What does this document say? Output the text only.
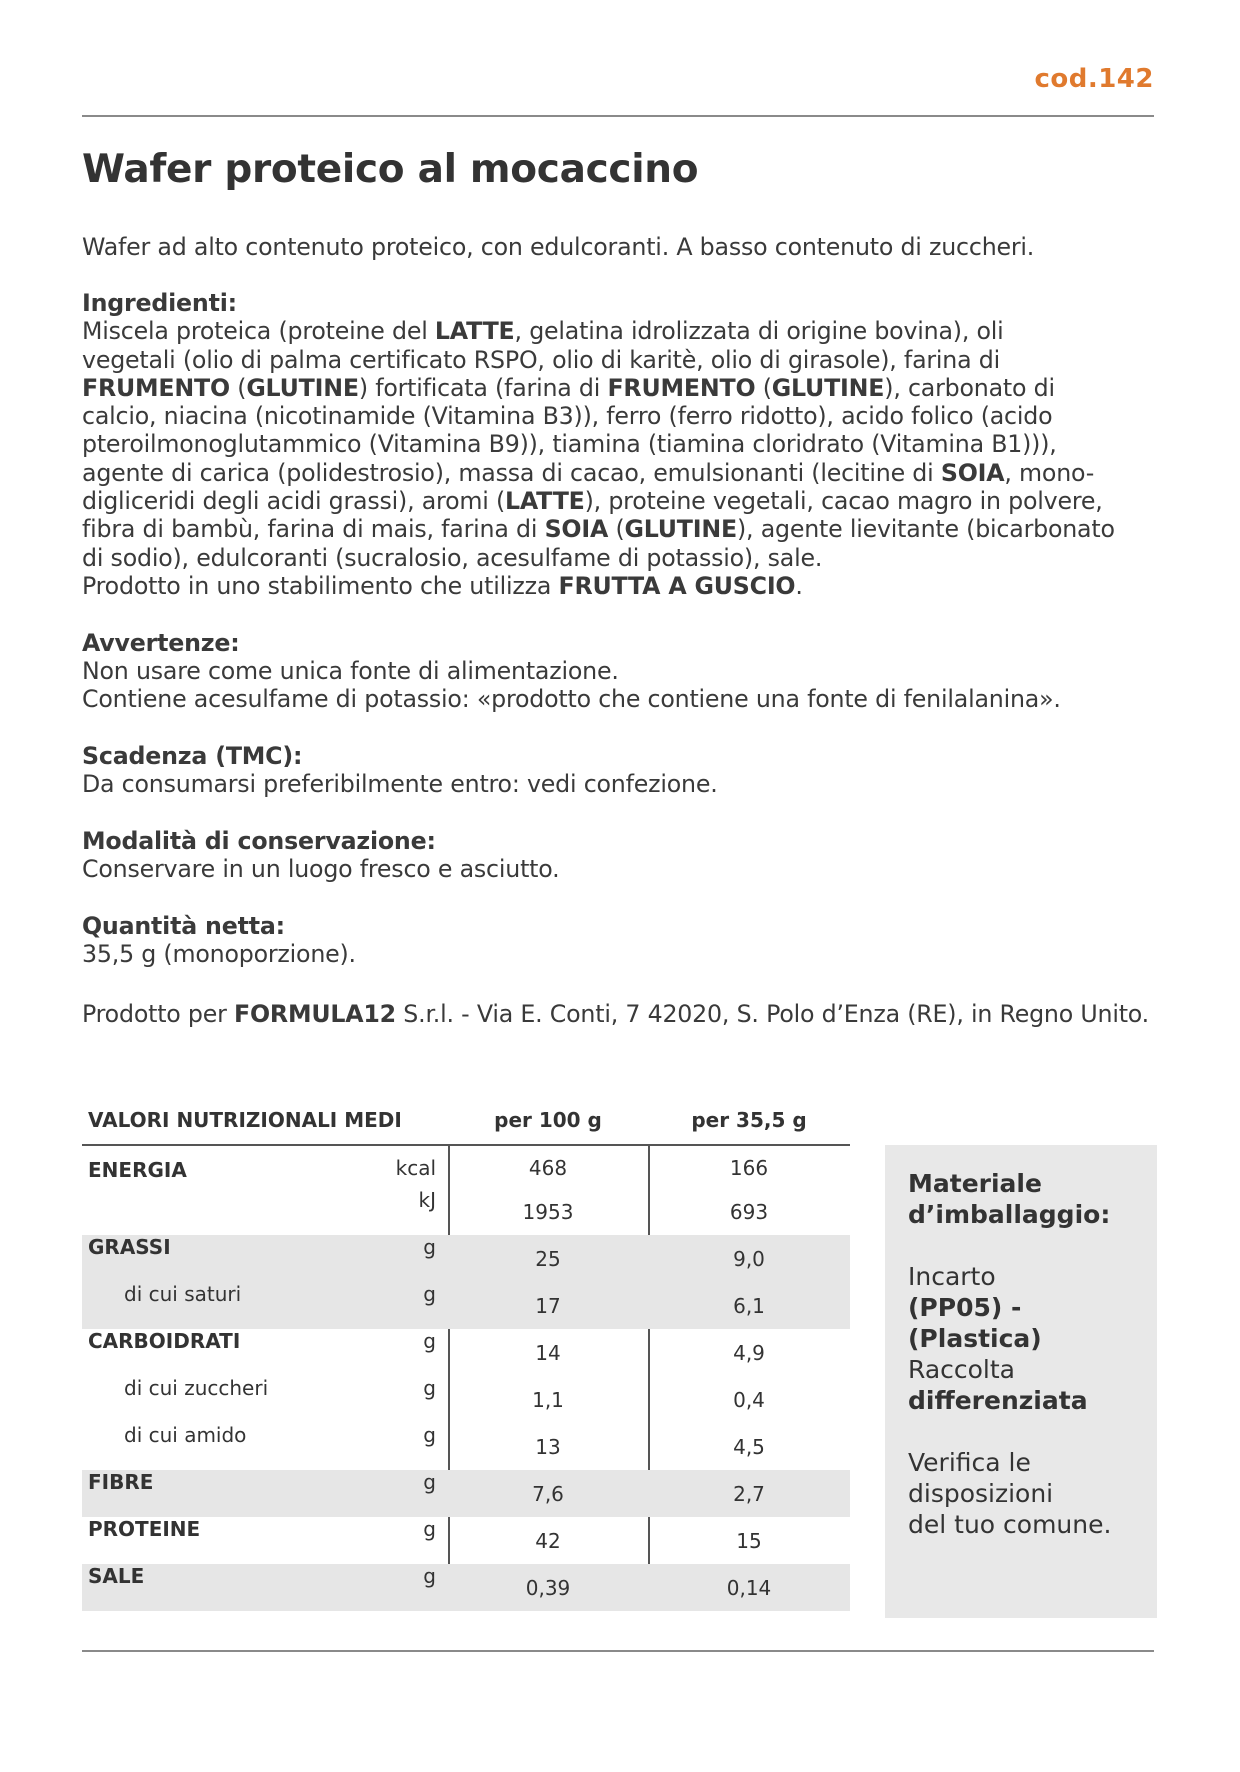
cod.142
Wafer proteico al mocaccino

Wafer ad alto contenuto proteico, con edulcoranti. A basso contenuto di zuccheri.

Ingredienti:

Miscela proteica (proteine del LATTE, gelatina idrolizzata di origine bovina), oli

vegetali (olio di palma certificato RSPO, olio di karitè, olio di girasole), farina di

FRUMENTO (GLUTINE) fortificata (farina di FRUMENTO (GLUTINE), carbonato di

calcio, niacina (nicotinamide (Vitamina B3)), ferro (ferro ridotto), acido folico (acido

pteroilmonoglutammico (Vitamina B9)), tiamina (tiamina cloridrato (Vitamina B1))),

agente di carica (polidestrosio), massa di cacao, emulsionanti (lecitine di SOIA, mono-

digliceridi degli acidi grassi), aromi (LATTE), proteine vegetali, cacao magro in polvere,

fibra di bambù, farina di mais, farina di SOIA (GLUTINE), agente lievitante (bicarbonato

di sodio), edulcoranti (sucralosio, acesulfame di potassio), sale.

Prodotto in uno stabilimento che utilizza FRUTTA A GUSCIO.

Avvertenze:

Non usare come unica fonte di alimentazione.

Contiene acesulfame di potassio: «prodotto che contiene una fonte di fenilalanina».

Scadenza (TMC):

Da consumarsi preferibilmente entro: vedi confezione.

Modalità di conservazione:

Conservare in un luogo fresco e asciutto.

Quantità netta:

35,5 g (monoporzione).

Prodotto per FORMULA12 S.r.l. - Via E. Conti, 7 42020, S. Polo d’Enza (RE), in Regno Unito.

VALORI NUTRIZIONALI MEDI	per 100 g	per 35,5 g
ENERGIA	kcal	468	166
kJ	1953	693
GRASSI	g	25	9,0
di cui saturi	g	17	6,1
CARBOIDRATI	g	14	4,9
di cui zuccheri	g	1,1	0,4
di cui amido	g	13	4,5
FIBRE	g	7,6	2,7
PROTEINE	g	42	15
SALE	g	0,39	0,14

Materiale

d’imballaggio:

Incarto

(PP05) - (Plastica)

Raccolta

differenziata

Verifica le

disposizioni

del tuo comune.
